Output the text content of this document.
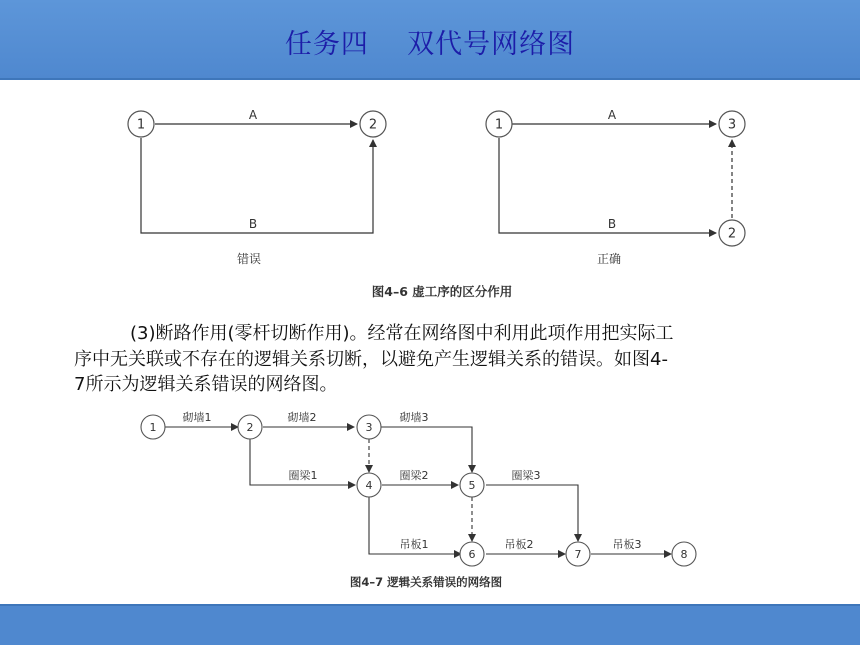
任务四    双代号网络图
1	2
A
B
错误
1	3
2
A
B
正确
图4–6 虚工序的区分作用
1	2	3
4	5
6	7	8
砌墙1	砌墙2	砌墙3
圈梁1	圈梁2	圈梁3
吊板1	吊板2	吊板3
图4–7 逻辑关系错误的网络图

(3)断路作用(零杆切断作用)。经常在网络图中利用此项作用把实际工

序中无关联或不存在的逻辑关系切断，以避免产生逻辑关系的错误。如图4-

7所示为逻辑关系错误的网络图。
